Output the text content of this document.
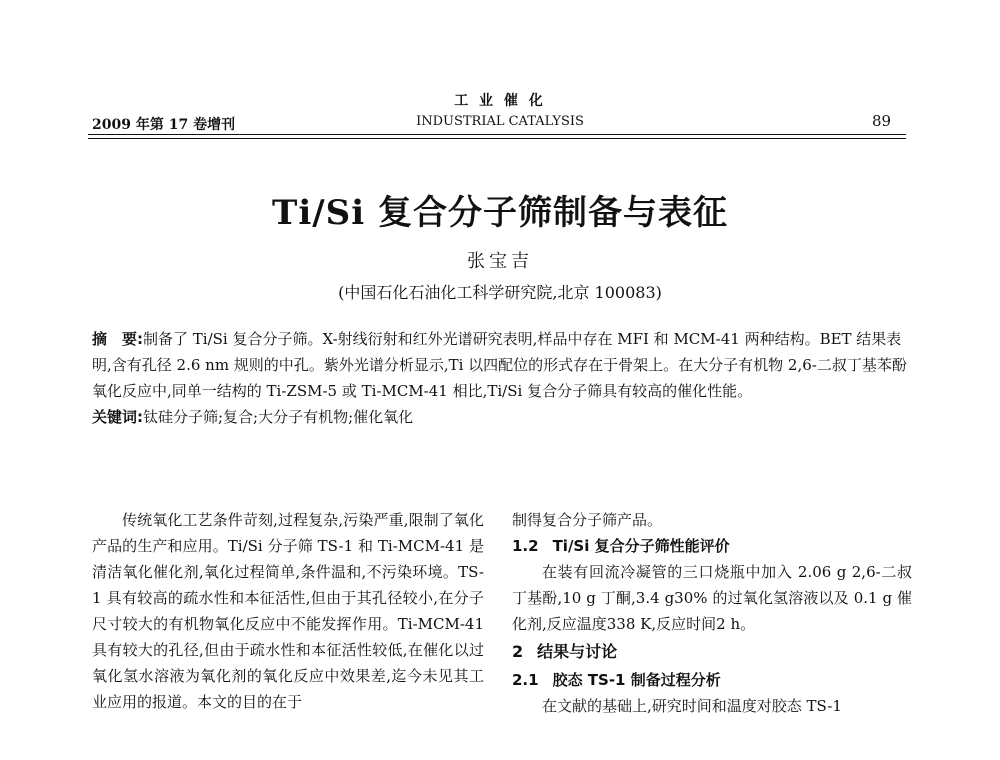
2009 年第 17 卷增刊
工 业 催 化
INDUSTRIAL CATALYSIS	89
Ti/Si 复合分子筛制备与表征
张宝吉
(中国石化石油化工科学研究院,北京 100083)

摘　要:制备了 Ti/Si 复合分子筛。X-射线衍射和红外光谱研究表明,样品中存在 MFI 和 MCM-41 两种结构。BET 结果表明,含有孔径 2.6 nm 规则的中孔。紫外光谱分析显示,Ti 以四配位的形式存在于骨架上。在大分子有机物 2,6-二叔丁基苯酚氧化反应中,同单一结构的 Ti-ZSM-5 或 Ti-MCM-41 相比,Ti/Si 复合分子筛具有较高的催化性能。

关键词:钛硅分子筛;复合;大分子有机物;催化氧化

传统氧化工艺条件苛刻,过程复杂,污染严重,限制了氧化产品的生产和应用。Ti/Si 分子筛 TS-1 和 Ti-MCM-41 是清洁氧化催化剂,氧化过程简单,条件温和,不污染环境。TS-1 具有较高的疏水性和本征活性,但由于其孔径较小,在分子尺寸较大的有机物氧化反应中不能发挥作用。Ti-MCM-41 具有较大的孔径,但由于疏水性和本征活性较低,在催化以过氧化氢水溶液为氧化剂的氧化反应中效果差,迄今未见其工业应用的报道。本文的目的在于

制得复合分子筛产品。

1.2 Ti/Si 复合分子筛性能评价

在装有回流冷凝管的三口烧瓶中加入 2.06 g 2,6-二叔丁基酚,10 g 丁酮,3.4 g30% 的过氧化氢溶液以及 0.1 g 催化剂,反应温度338 K,反应时间2 h。

2 结果与讨论

2.1 胶态 TS-1 制备过程分析

在文献的基础上,研究时间和温度对胶态 TS-1
